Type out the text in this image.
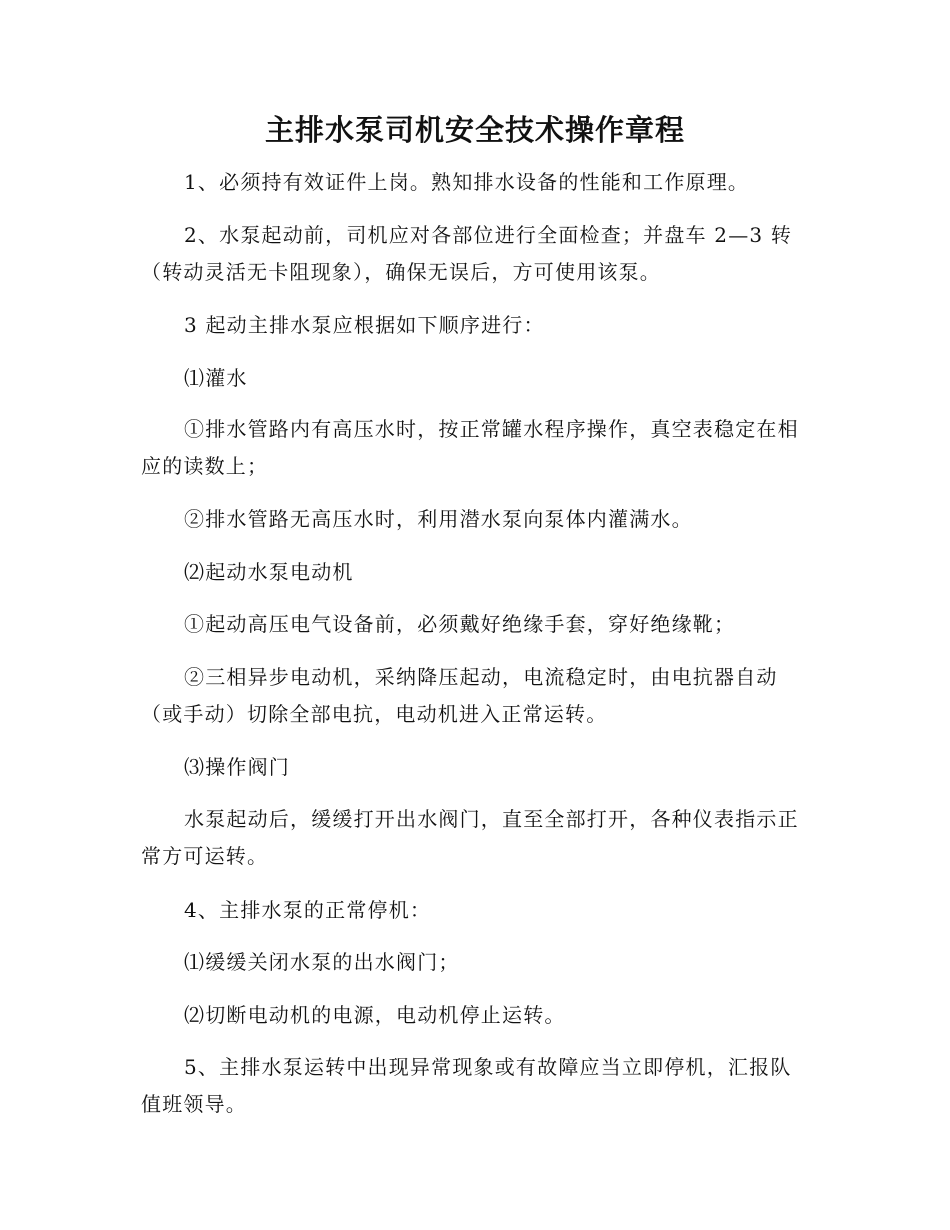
主排水泵司机安全技术操作章程
1、必须持有效证件上岗。熟知排水设备的性能和工作原理。
2、水泵起动前，司机应对各部位进行全面检查；并盘车 2—3 转（转动灵活无卡阻现象），确保无误后，方可使用该泵。
3 起动主排水泵应根据如下顺序进行：
⑴灌水
①排水管路内有高压水时，按正常罐水程序操作，真空表稳定在相应的读数上；
②排水管路无高压水时，利用潜水泵向泵体内灌满水。
⑵起动水泵电动机
①起动高压电气设备前，必须戴好绝缘手套，穿好绝缘靴；
②三相异步电动机，采纳降压起动，电流稳定时，由电抗器自动（或手动）切除全部电抗，电动机进入正常运转。
⑶操作阀门
水泵起动后，缓缓打开出水阀门，直至全部打开，各种仪表指示正常方可运转。
4、主排水泵的正常停机：
⑴缓缓关闭水泵的出水阀门；
⑵切断电动机的电源，电动机停止运转。
5、主排水泵运转中出现异常现象或有故障应当立即停机，汇报队值班领导。
